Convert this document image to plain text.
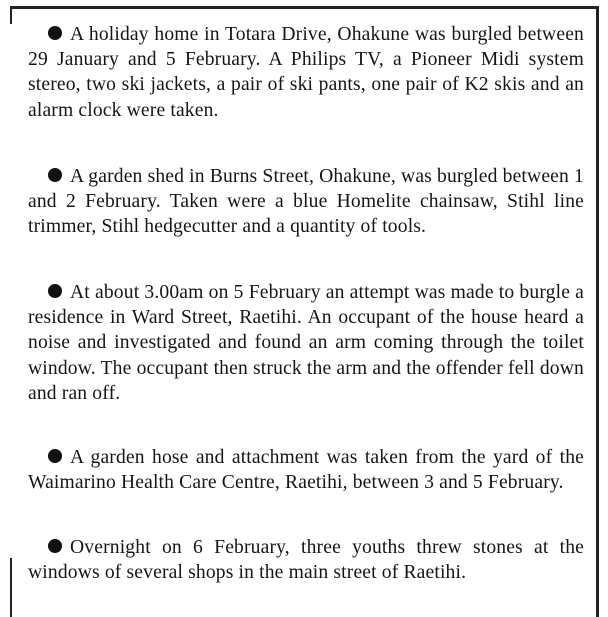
A holiday home in Totara Drive, Ohakune was burgled between 29 January and 5 February. A Philips TV, a Pioneer Midi system stereo, two ski jackets, a pair of ski pants, one pair of K2 skis and an alarm clock were taken.

A garden shed in Burns Street, Ohakune, was burgled between 1 and 2 February. Taken were a blue Homelite chainsaw, Stihl line trimmer, Stihl hedgecutter and a quantity of tools.

At about 3.00am on 5 February an attempt was made to burgle a residence in Ward Street, Raetihi. An occupant of the house heard a noise and investigated and found an arm coming through the toilet window. The occupant then struck the arm and the offender fell down and ran off.

A garden hose and attachment was taken from the yard of the Waimarino Health Care Centre, Raetihi, between 3 and 5 February.

Overnight on 6 February, three youths threw stones at the windows of several shops in the main street of Raetihi.
